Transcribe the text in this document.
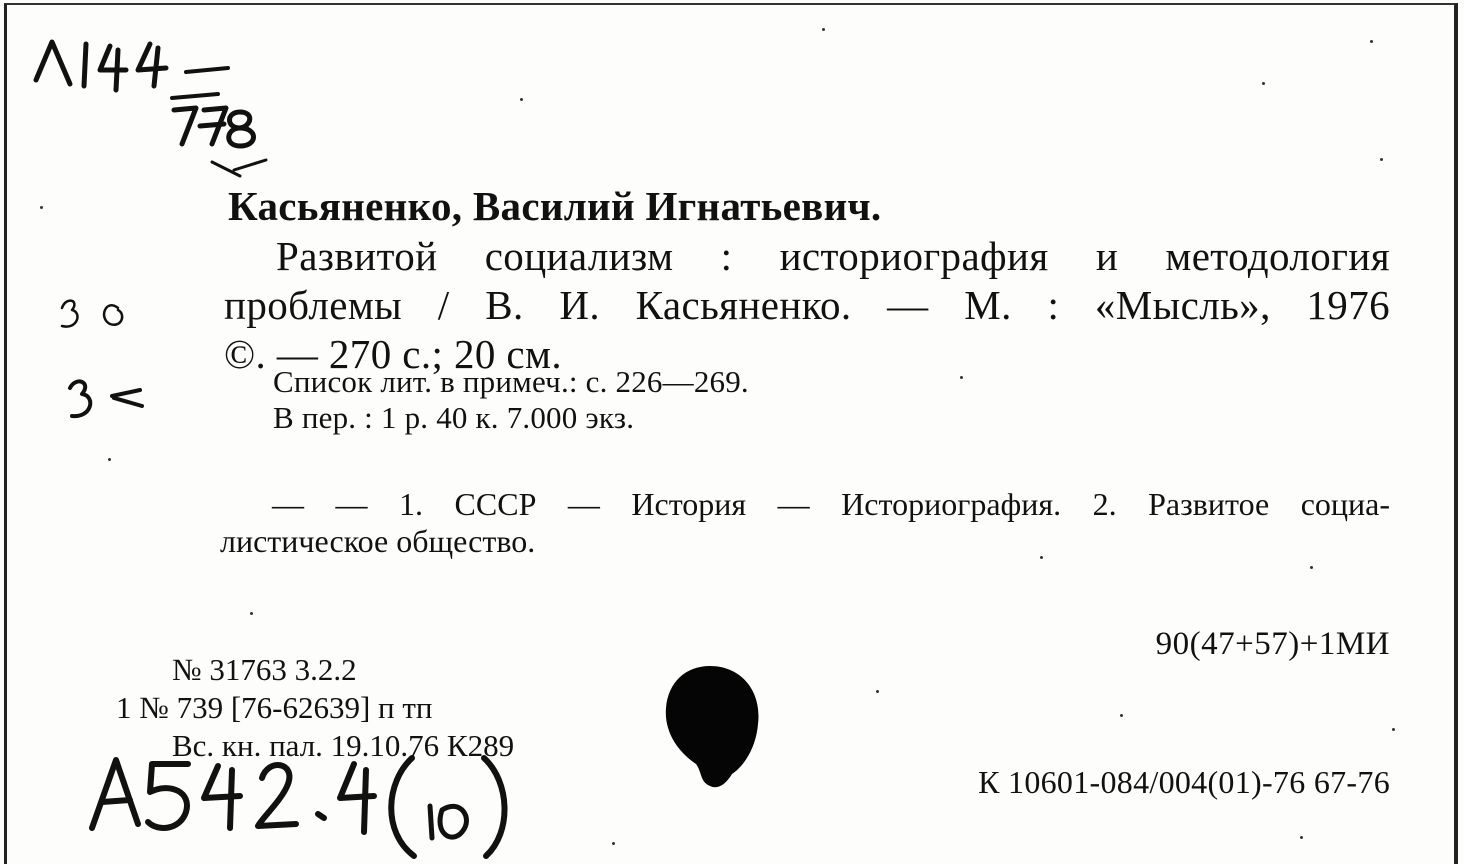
Касьяненко, Василий Игнатьевич.

Развитой социализм : историография и методология
проблемы / В. И. Касьяненко. — М. : «Мысль», 1976
©. — 270 с.; 20 см.

Список лит. в примеч.: с. 226—269.

В пер. : 1 р. 40 к. 7.000 экз.

— — 1. СССР — История — Историография. 2. Развитое социа-
листическое общество.

90(47+57)+1МИ

№ 31763 3.2.2

1 № 739 [76-62639] п тп

Вс. кн. пал. 19.10.76 К289

К 10601-084/004(01)-76 67-76
